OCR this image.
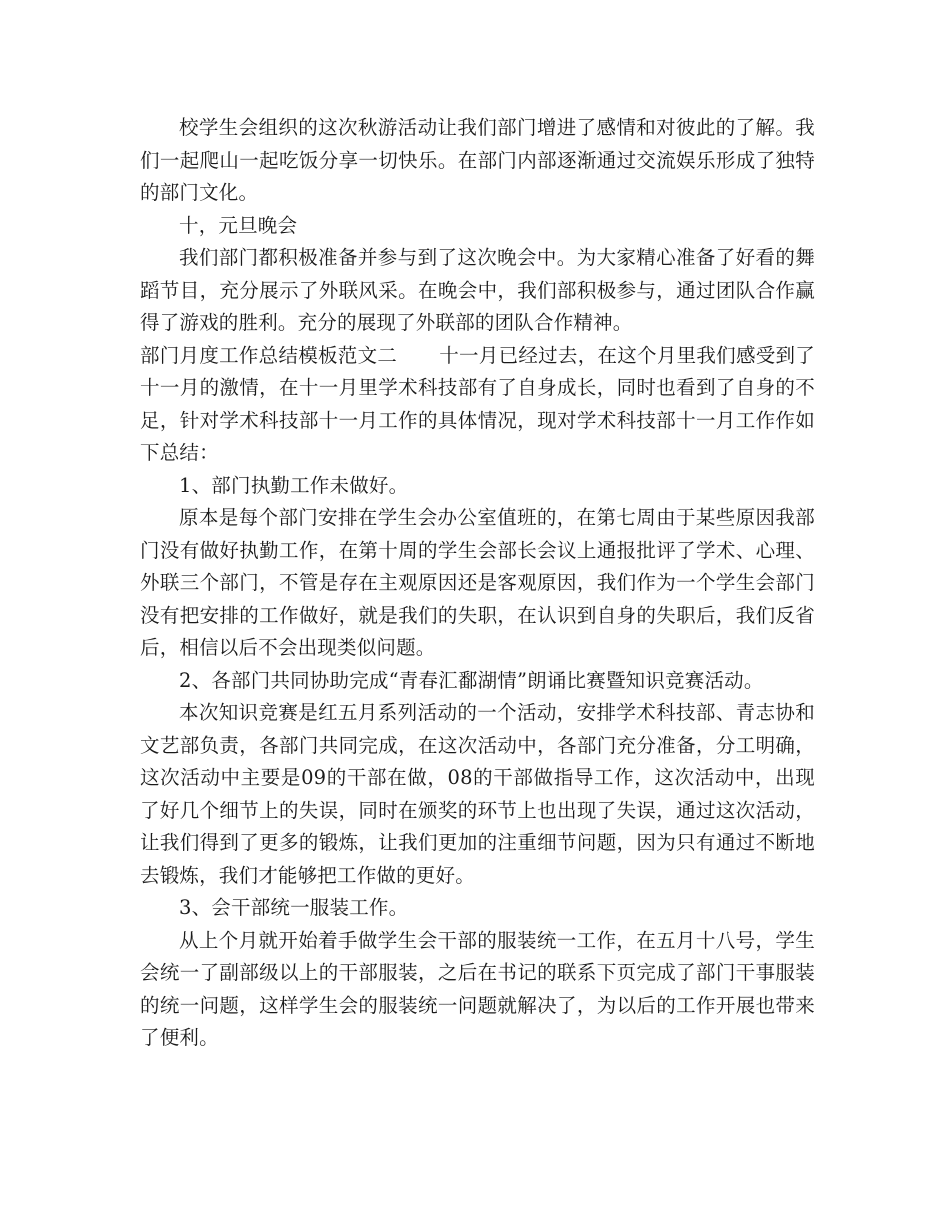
校学生会组织的这次秋游活动让我们部门增进了感情和对彼此的了解。我们一起爬山一起吃饭分享一切快乐。在部门内部逐渐通过交流娱乐形成了独特的部门文化。

十，元旦晚会

我们部门都积极准备并参与到了这次晚会中。为大家精心准备了好看的舞蹈节目，充分展示了外联风采。在晚会中，我们部积极参与，通过团队合作赢得了游戏的胜利。充分的展现了外联部的团队合作精神。

部门月度工作总结模板范文二 十一月已经过去，在这个月里我们感受到了十一月的激情，在十一月里学术科技部有了自身成长，同时也看到了自身的不足，针对学术科技部十一月工作的具体情况，现对学术科技部十一月工作作如下总结：

1、部门执勤工作未做好。

原本是每个部门安排在学生会办公室值班的，在第七周由于某些原因我部门没有做好执勤工作，在第十周的学生会部长会议上通报批评了学术、心理、外联三个部门，不管是存在主观原因还是客观原因，我们作为一个学生会部门没有把安排的工作做好，就是我们的失职，在认识到自身的失职后，我们反省后，相信以后不会出现类似问题。

2、各部门共同协助完成“青春汇鄱湖情”朗诵比赛暨知识竞赛活动。

本次知识竞赛是红五月系列活动的一个活动，安排学术科技部、青志协和文艺部负责，各部门共同完成，在这次活动中，各部门充分准备，分工明确，这次活动中主要是09的干部在做，08的干部做指导工作，这次活动中，出现了好几个细节上的失误，同时在颁奖的环节上也出现了失误，通过这次活动，让我们得到了更多的锻炼，让我们更加的注重细节问题，因为只有通过不断地去锻炼，我们才能够把工作做的更好。

3、会干部统一服装工作。

从上个月就开始着手做学生会干部的服装统一工作，在五月十八号，学生会统一了副部级以上的干部服装，之后在书记的联系下页完成了部门干事服装的统一问题，这样学生会的服装统一问题就解决了，为以后的工作开展也带来了便利。
